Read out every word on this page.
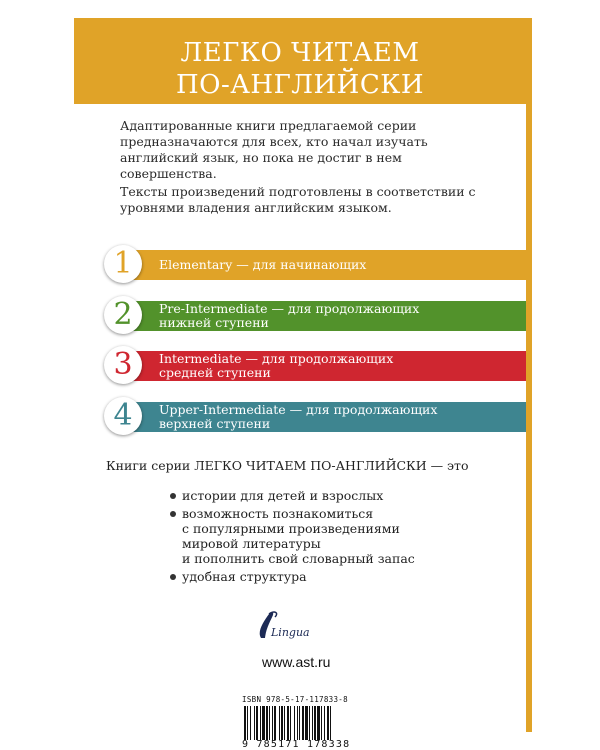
ЛЕГКО ЧИТАЕМ
ПО-АНГЛИЙСКИ
Адаптированные книги предлагаемой серии предназначаются для всех, кто начал изучать английский язык, но пока не достиг в нем совершенства.
Тексты произведений подготовлены в соответствии с уровнями владения английским языком.
1	Elementary — для начинающих
2	Pre-Intermediate — для продолжающих
нижней ступени
3	Intermediate — для продолжающих
средней ступени
4	Upper-Intermediate — для продолжающих
верхней ступени
Книги серии ЛЕГКО ЧИТАЕМ ПО-АНГЛИЙСКИ — это
истории для детей и взрослых
возможность познакомиться
с популярными произведениями
мировой литературы
и пополнить свой словарный запас
удобная структура
Lingua
www.ast.ru
ISBN 978-5-17-117833-8
9 785171 178338
